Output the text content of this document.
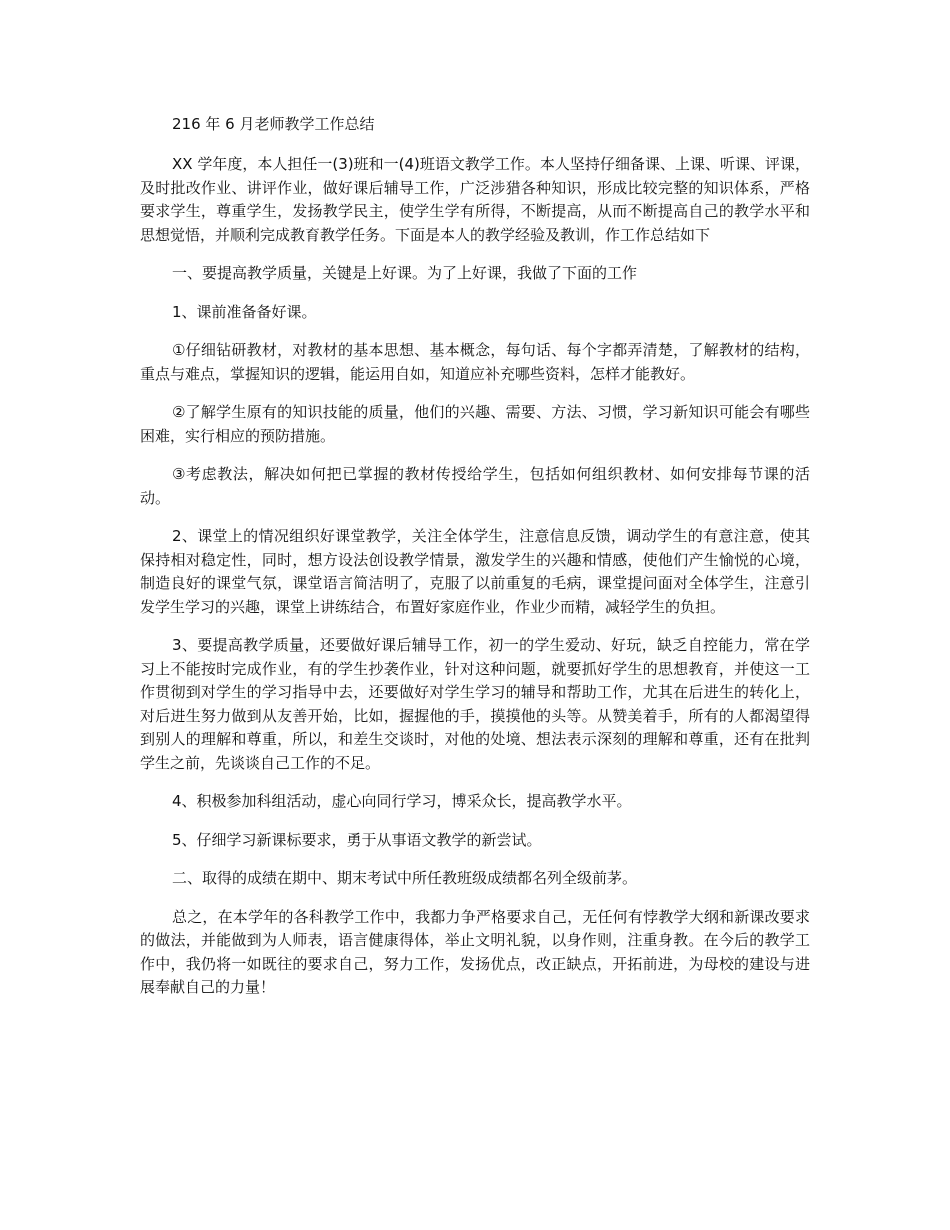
216 年 6 月老师教学工作总结

XX 学年度，本人担任一(3)班和一(4)班语文教学工作。本人坚持仔细备课、上课、听课、评课，及时批改作业、讲评作业，做好课后辅导工作，广泛涉猎各种知识，形成比较完整的知识体系，严格要求学生，尊重学生，发扬教学民主，使学生学有所得，不断提高，从而不断提高自己的教学水平和思想觉悟，并顺利完成教育教学任务。下面是本人的教学经验及教训，作工作总结如下

一、要提高教学质量，关键是上好课。为了上好课，我做了下面的工作

1、课前准备备好课。

①仔细钻研教材，对教材的基本思想、基本概念，每句话、每个字都弄清楚，了解教材的结构，重点与难点，掌握知识的逻辑，能运用自如，知道应补充哪些资料，怎样才能教好。

②了解学生原有的知识技能的质量，他们的兴趣、需要、方法、习惯，学习新知识可能会有哪些困难，实行相应的预防措施。

③考虑教法，解决如何把已掌握的教材传授给学生，包括如何组织教材、如何安排每节课的活动。

2、课堂上的情况组织好课堂教学，关注全体学生，注意信息反馈，调动学生的有意注意，使其保持相对稳定性，同时，想方设法创设教学情景，激发学生的兴趣和情感，使他们产生愉悦的心境，制造良好的课堂气氛，课堂语言简洁明了，克服了以前重复的毛病，课堂提问面对全体学生，注意引发学生学习的兴趣，课堂上讲练结合，布置好家庭作业，作业少而精，减轻学生的负担。

3、要提高教学质量，还要做好课后辅导工作，初一的学生爱动、好玩，缺乏自控能力，常在学习上不能按时完成作业，有的学生抄袭作业，针对这种问题，就要抓好学生的思想教育，并使这一工作贯彻到对学生的学习指导中去，还要做好对学生学习的辅导和帮助工作，尤其在后进生的转化上，对后进生努力做到从友善开始，比如，握握他的手，摸摸他的头等。从赞美着手，所有的人都渴望得到别人的理解和尊重，所以，和差生交谈时，对他的处境、想法表示深刻的理解和尊重，还有在批判学生之前，先谈谈自己工作的不足。

4、积极参加科组活动，虚心向同行学习，博采众长，提高教学水平。

5、仔细学习新课标要求，勇于从事语文教学的新尝试。

二、取得的成绩在期中、期末考试中所任教班级成绩都名列全级前茅。

总之，在本学年的各科教学工作中，我都力争严格要求自己，无任何有悖教学大纲和新课改要求的做法，并能做到为人师表，语言健康得体，举止文明礼貌，以身作则，注重身教。在今后的教学工作中，我仍将一如既往的要求自己，努力工作，发扬优点，改正缺点，开拓前进，为母校的建设与进展奉献自己的力量！
